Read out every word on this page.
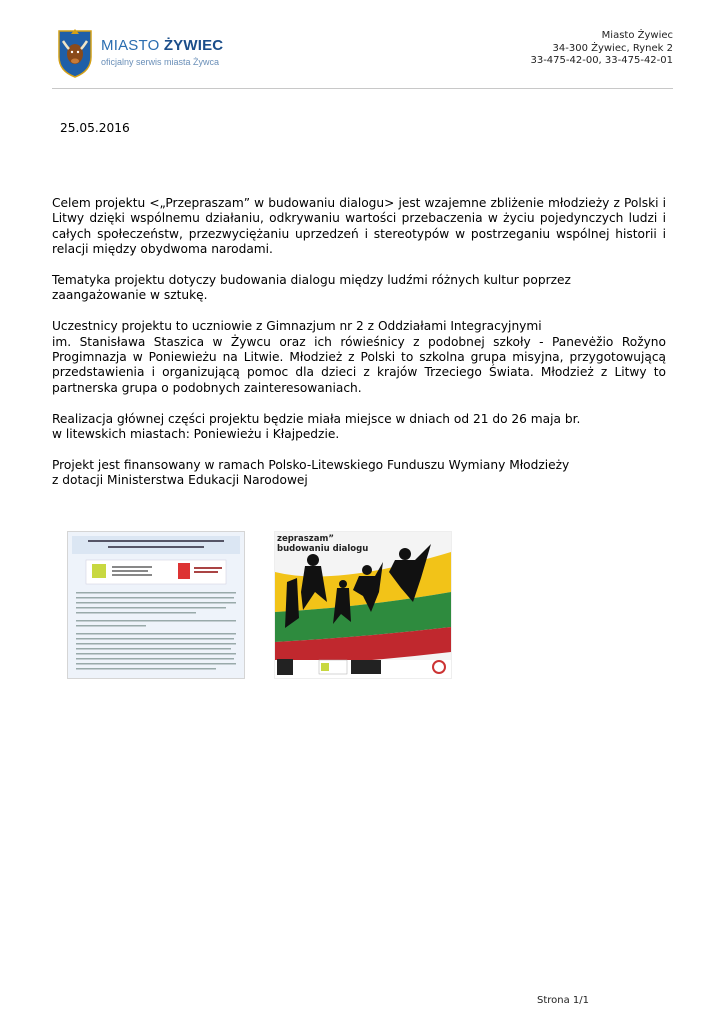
MIASTO ŻYWIEC
oficjalny serwis miasta Żywca
Miasto Żywiec
34-300 Żywiec, Rynek 2
33-475-42-00, 33-475-42-01
25.05.2016

Celem projektu <„Przepraszam” w budowaniu dialogu> jest wzajemne zbliżenie młodzieży z Polski i Litwy dzięki wspólnemu działaniu, odkrywaniu wartości przebaczenia w życiu pojedynczych ludzi i całych społeczeństw, przezwyciężaniu uprzedzeń i stereotypów w postrzeganiu wspólnej historii i relacji między obydwoma narodami.

Tematyka projektu dotyczy budowania dialogu między ludźmi różnych kultur poprzez zaangażowanie w sztukę.

Uczestnicy projektu to uczniowie z Gimnazjum nr 2 z Oddziałami Integracyjnymi

im. Stanisława Staszica w Żywcu oraz ich rówieśnicy z podobnej szkoły - Panevėžio Rožyno Progimnazja w Poniewieżu na Litwie. Młodzież z Polski to szkolna grupa misyjna, przygotowującą przedstawienia i organizującą pomoc dla dzieci z krajów Trzeciego Świata. Młodzież z Litwy to partnerska grupa o podobnych zainteresowaniach.

Realizacja głównej części projektu będzie miała miejsce w dniach od 21 do 26 maja br.
w litewskich miastach: Poniewieżu i Kłajpedzie.

Projekt jest finansowany w ramach Polsko-Litewskiego Funduszu Wymiany Młodzieży
z dotacji Ministerstwa Edukacji Narodowej

zepraszam”
budowaniu dialogu
Strona 1/1
